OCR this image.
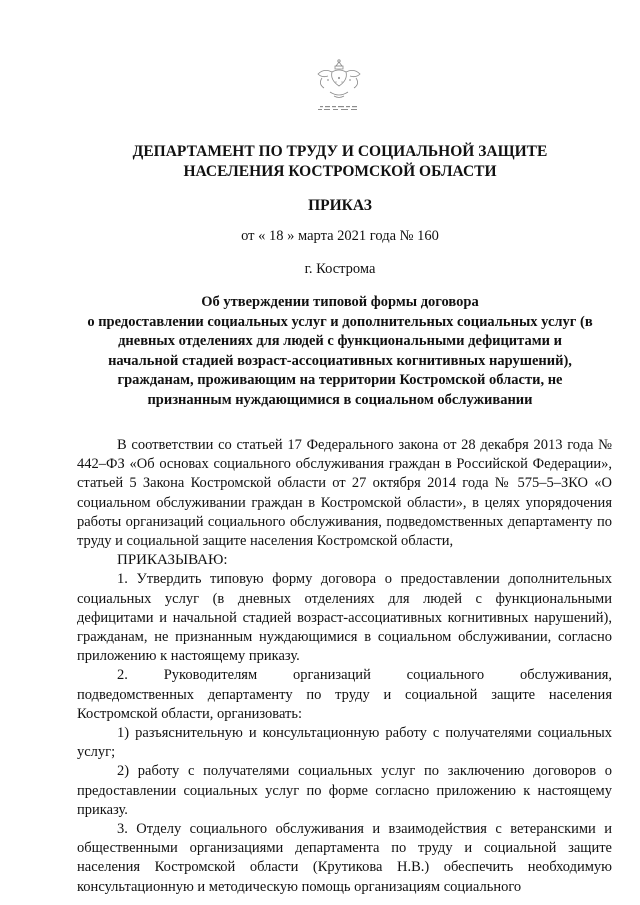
ДЕПАРТАМЕНТ ПО ТРУДУ И СОЦИАЛЬНОЙ ЗАЩИТЕ
НАСЕЛЕНИЯ КОСТРОМСКОЙ ОБЛАСТИ
ПРИКАЗ
от « 18 » марта 2021 года № 160
г. Кострома
Об утверждении типовой формы договора
о предоставлении социальных услуг и дополнительных социальных услуг (в
дневных отделениях для людей с функциональными дефицитами и
начальной стадией возраст-ассоциативных когнитивных нарушений),
гражданам, проживающим на территории Костромской области, не
признанным нуждающимися в социальном обслуживании

В соответствии со статьей 17 Федерального закона от 28 декабря 2013 года № 442–ФЗ «Об основах социального обслуживания граждан в Российской Федерации», статьей 5 Закона Костромской области от 27 октября 2014 года № 575–5–ЗКО «О социальном обслуживании граждан в Костромской области», в целях упорядочения работы организаций социального обслуживания, подведомственных департаменту по труду и социальной защите населения Костромской области,

ПРИКАЗЫВАЮ:

1. Утвердить типовую форму договора о предоставлении дополнительных социальных услуг (в дневных отделениях для людей с функциональными дефицитами и начальной стадией возраст-ассоциативных когнитивных нарушений), гражданам, не признанным нуждающимися в социальном обслуживании, согласно приложению к настоящему приказу.

2.    Руководителям    организаций    социального    обслуживания, подведомственных департаменту по труду и социальной защите населения Костромской области, организовать:

1) разъяснительную и консультационную работу с получателями социальных услуг;

2) работу с получателями социальных услуг по заключению договоров о предоставлении социальных услуг по форме согласно приложению к настоящему приказу.

3. Отделу социального обслуживания и взаимодействия с ветеранскими и общественными организациями департамента по труду и социальной защите населения Костромской области (Крутикова Н.В.) обеспечить необходимую консультационную и методическую помощь организациям социального
